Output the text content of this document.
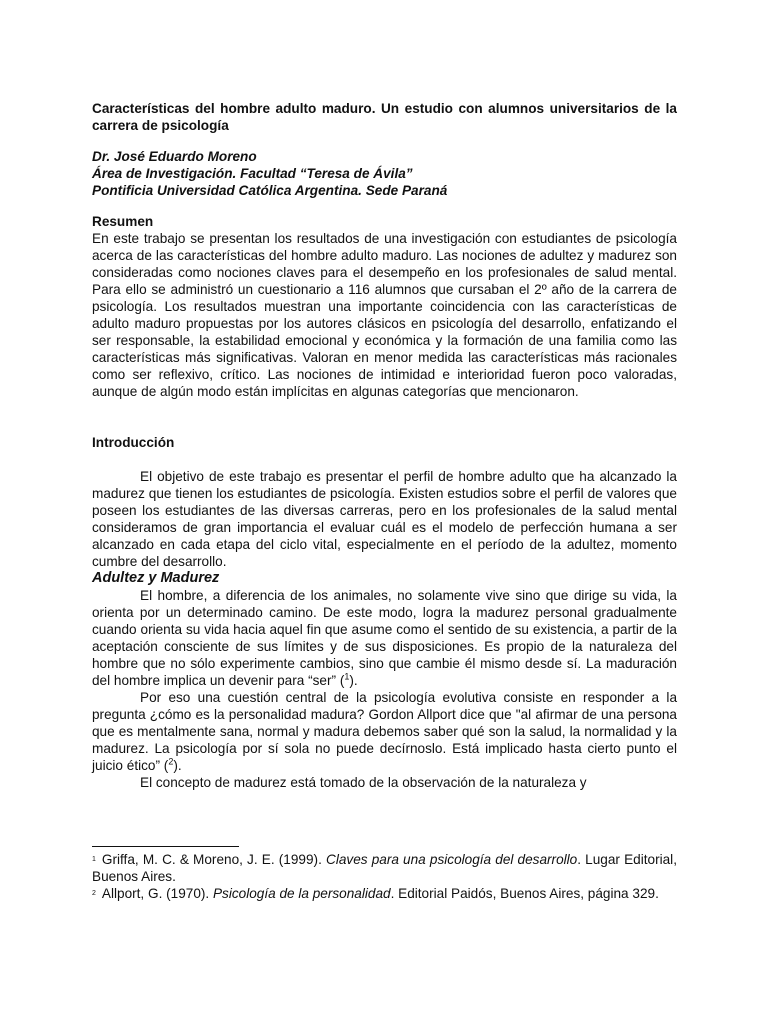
Características del hombre adulto maduro. Un estudio con alumnos universitarios de la carrera de psicología

Dr. José Eduardo Moreno

Área de Investigación. Facultad “Teresa de Ávila”

Pontificia Universidad Católica Argentina. Sede Paraná

Resumen

En este trabajo se presentan los resultados de una investigación con estudiantes de psicología acerca de las características del hombre adulto maduro. Las nociones de adultez y madurez son consideradas como nociones claves para el desempeño en los profesionales de salud mental. Para ello se administró un cuestionario a 116 alumnos que cursaban el 2º año de la carrera de psicología. Los resultados muestran una importante coincidencia con las características de adulto maduro propuestas por los autores clásicos en psicología del desarrollo, enfatizando el ser responsable, la estabilidad emocional y económica y la formación de una familia como las características más significativas. Valoran en menor medida las características más racionales como ser reflexivo, crítico. Las nociones de intimidad e interioridad fueron poco valoradas, aunque de algún modo están implícitas en algunas categorías que mencionaron.

Introducción

El objetivo de este trabajo es presentar el perfil de hombre adulto que ha alcanzado la madurez que tienen los estudiantes de psicología. Existen estudios sobre el perfil de valores que poseen los estudiantes de las diversas carreras, pero en los profesionales de la salud mental consideramos de gran importancia el evaluar cuál es el modelo de perfección humana a ser alcanzado en cada etapa del ciclo vital, especialmente en el período de la adultez, momento cumbre del desarrollo.

Adultez y Madurez

El hombre, a diferencia de los animales, no solamente vive sino que dirige su vida, la orienta por un determinado camino. De este modo, logra la madurez personal gradualmente cuando orienta su vida hacia aquel fin que asume como el sentido de su existencia, a partir de la aceptación consciente de sus límites y de sus disposiciones. Es propio de la naturaleza del hombre que no sólo experimente cambios, sino que cambie él mismo desde sí. La maduración del hombre implica un devenir para “ser” ($^1$).

Por eso una cuestión central de la psicología evolutiva consiste en responder a la pregunta ¿cómo es la personalidad madura? Gordon Allport dice que "al afirmar de una persona que es mentalmente sana, normal y madura debemos saber qué son la salud, la normalidad y la madurez. La psicología por sí sola no puede decírnoslo. Está implicado hasta cierto punto el juicio ético” ($^2$).

El concepto de madurez está tomado de la observación de la naturaleza y

$^1$ Griffa, M. C. & Moreno, J. E. (1999). Claves para una psicología del desarrollo. Lugar Editorial, Buenos Aires.

$^2$ Allport, G. (1970). Psicología de la personalidad. Editorial Paidós, Buenos Aires, página 329.
